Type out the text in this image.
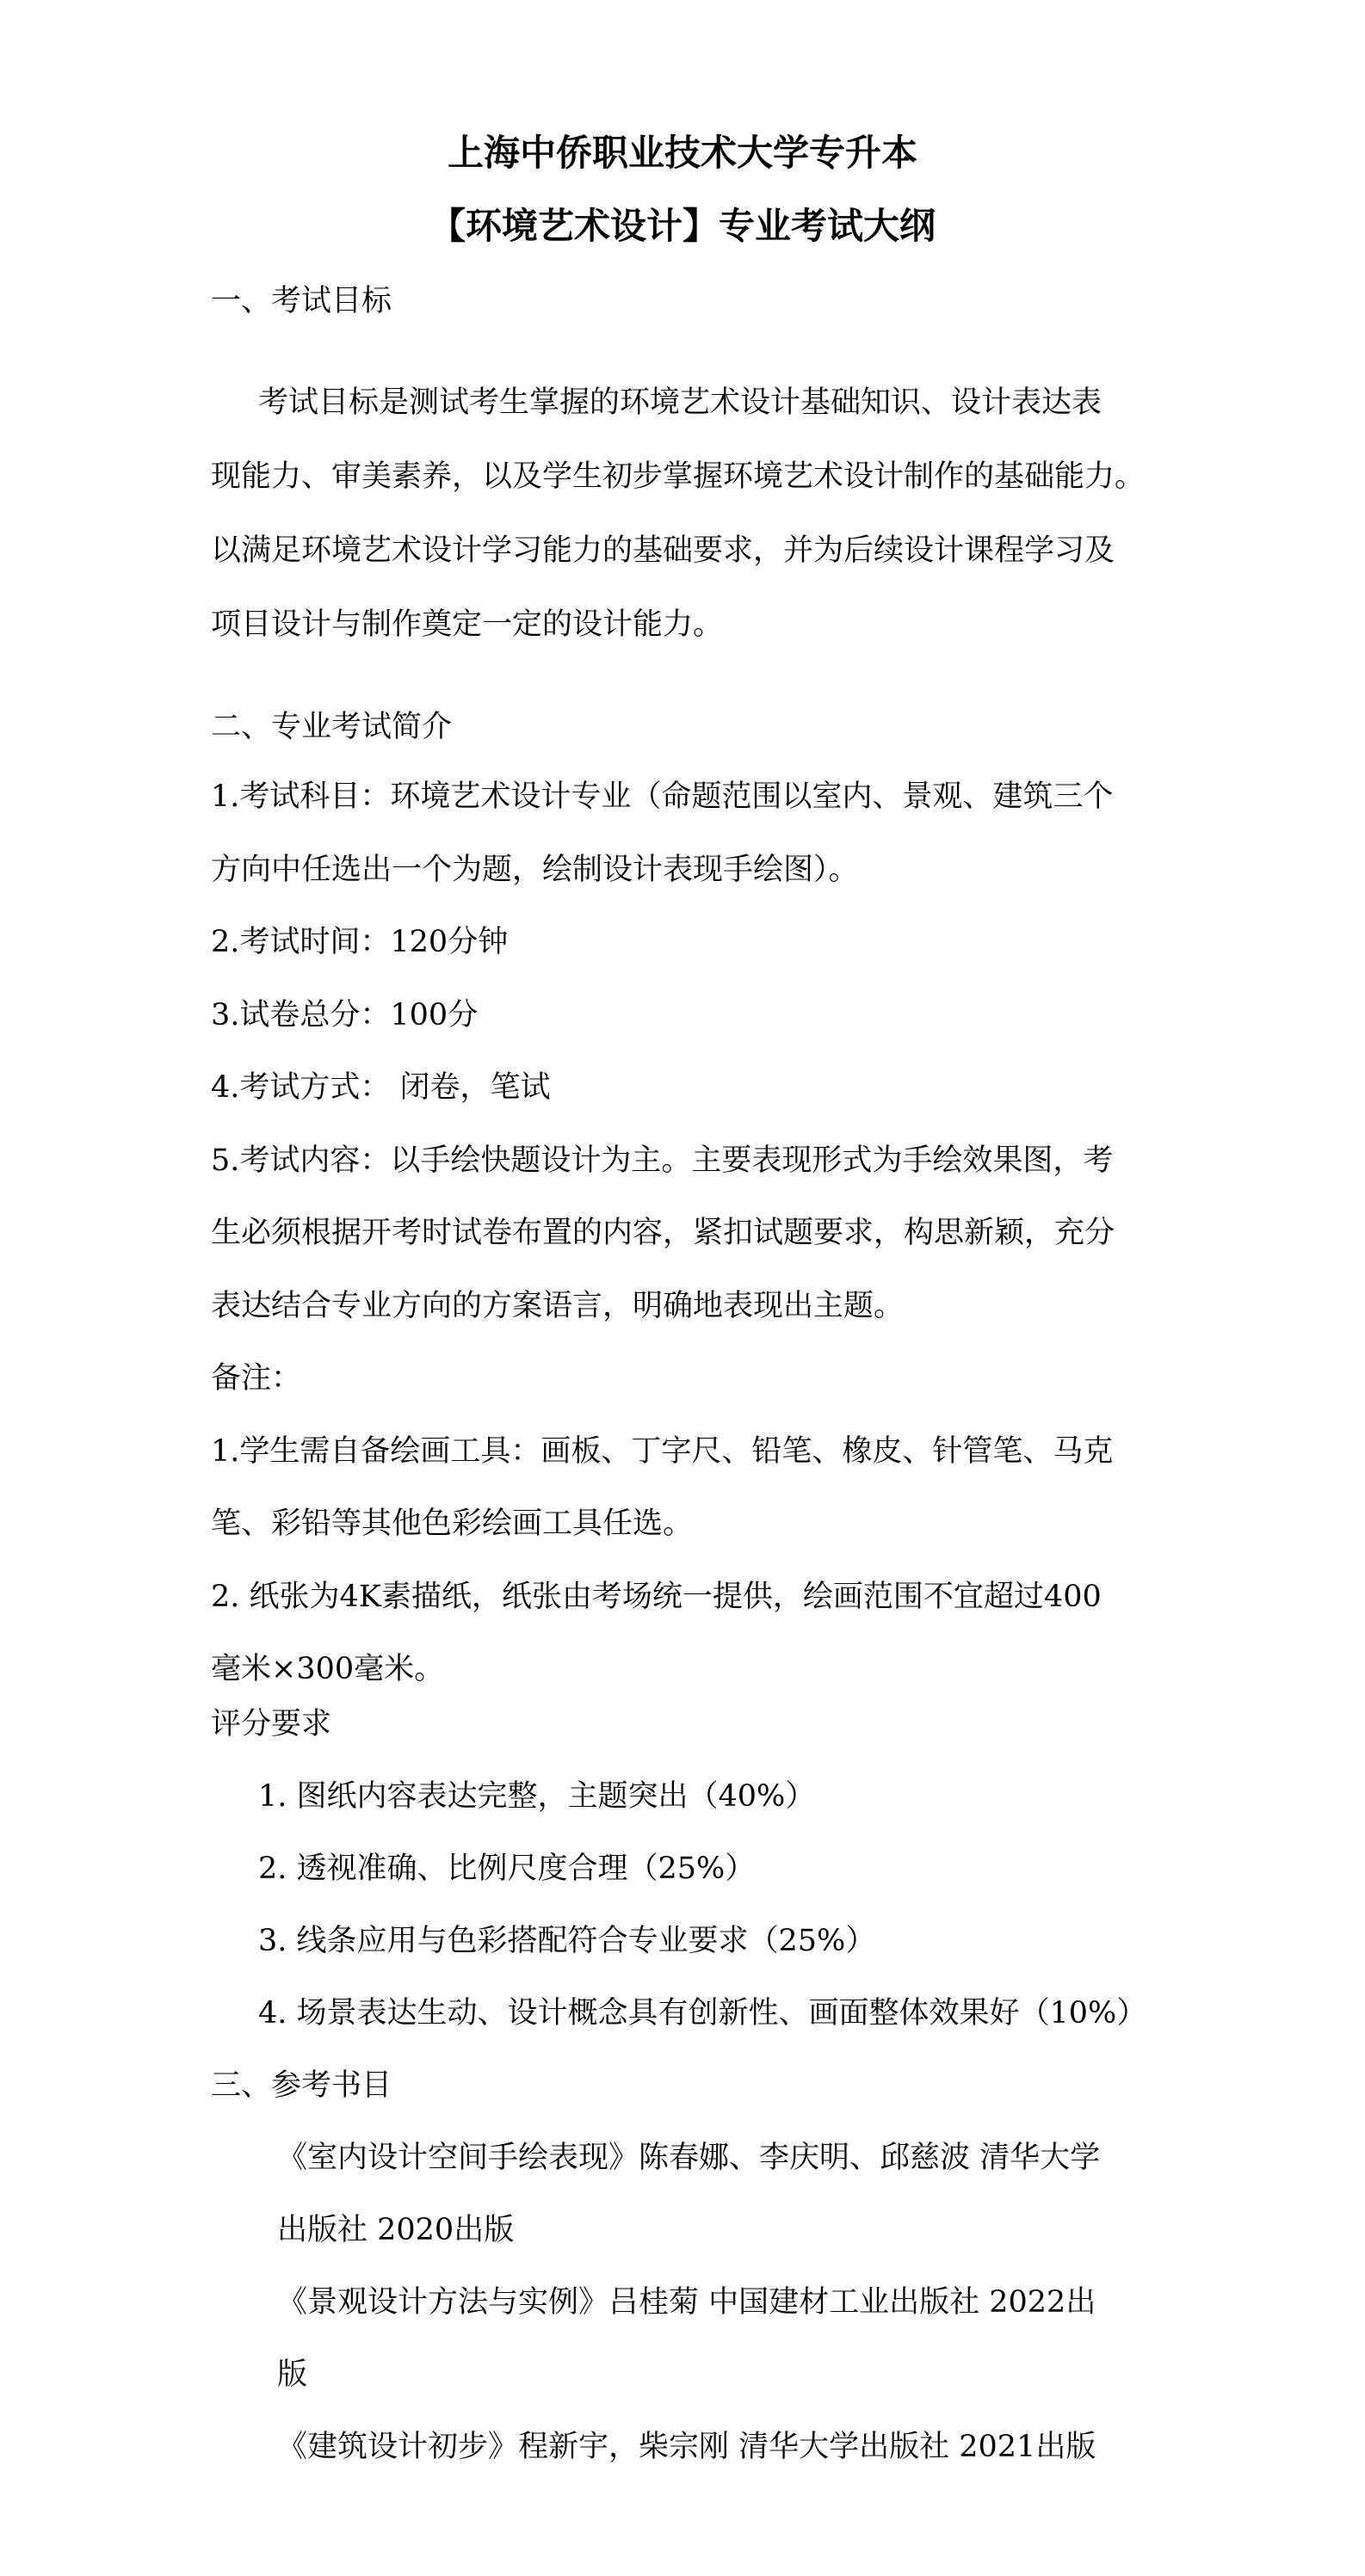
上海中侨职业技术大学专升本
【环境艺术设计】专业考试大纲
一、考试目标
考试目标是测试考生掌握的环境艺术设计基础知识、设计表达表
现能力、审美素养，以及学生初步掌握环境艺术设计制作的基础能力。
以满足环境艺术设计学习能力的基础要求，并为后续设计课程学习及
项目设计与制作奠定一定的设计能力。
二、专业考试简介
1.考试科目：环境艺术设计专业（命题范围以室内、景观、建筑三个
方向中任选出一个为题，绘制设计表现手绘图）。
2.考试时间：120分钟
3.试卷总分：100分
4.考试方式： 闭卷，笔试
5.考试内容：以手绘快题设计为主。主要表现形式为手绘效果图，考
生必须根据开考时试卷布置的内容，紧扣试题要求，构思新颖，充分
表达结合专业方向的方案语言，明确地表现出主题。
备注：
1.学生需自备绘画工具：画板、丁字尺、铅笔、橡皮、针管笔、马克
笔、彩铅等其他色彩绘画工具任选。
2. 纸张为4K素描纸，纸张由考场统一提供，绘画范围不宜超过400
毫米×300毫米。
评分要求
1. 图纸内容表达完整，主题突出（40%）
2. 透视准确、比例尺度合理（25%）
3. 线条应用与色彩搭配符合专业要求（25%）
4. 场景表达生动、设计概念具有创新性、画面整体效果好（10%）
三、参考书目
《室内设计空间手绘表现》陈春娜、李庆明、邱慈波 清华大学
出版社 2020出版
《景观设计方法与实例》吕桂菊 中国建材工业出版社 2022出
版
《建筑设计初步》程新宇，柴宗刚 清华大学出版社 2021出版
